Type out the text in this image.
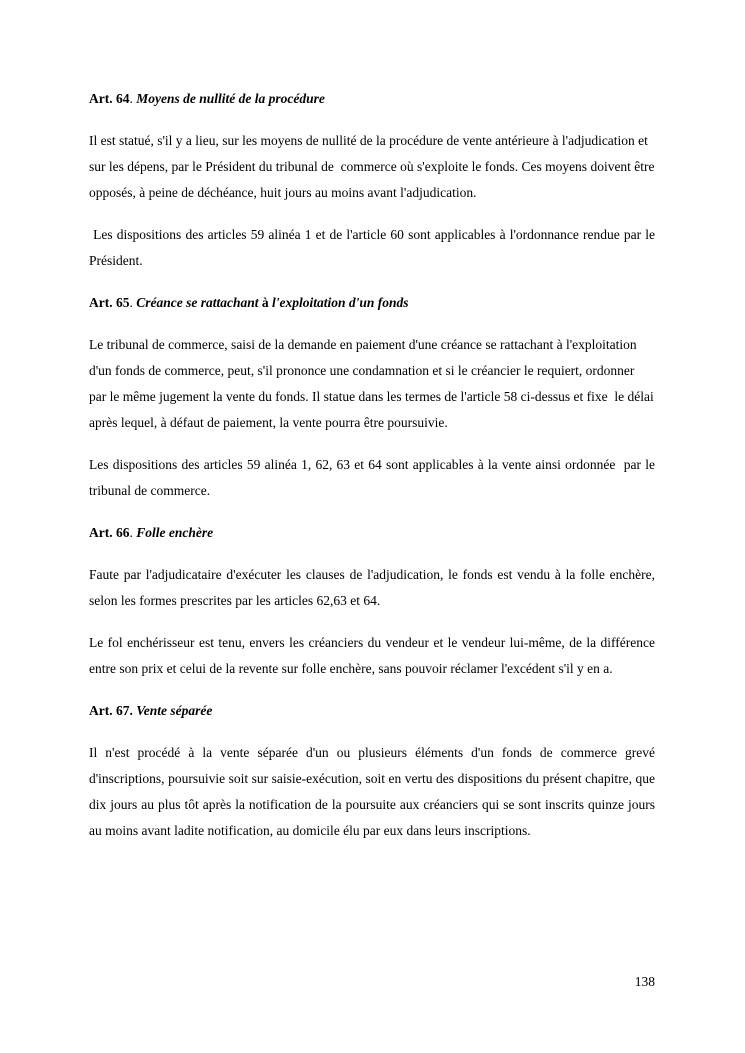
Art. 64. Moyens de nullité de la procédure

Il est statué, s'il y a lieu, sur les moyens de nullité de la procédure de vente antérieure à l'adjudication et sur les dépens, par le Président du tribunal de  commerce où s'exploite le fonds. Ces moyens doivent être opposés, à peine de déchéance, huit jours au moins avant l'adjudication.

Les dispositions des articles 59 alinéa 1 et de l'article 60 sont applicables à l'ordonnance rendue par le Président.

Art. 65. Créance se rattachant à l'exploitation d'un fonds

Le tribunal de commerce, saisi de la demande en paiement d'une créance se rattachant à l'exploitation d'un fonds de commerce, peut, s'il prononce une condamnation et si le créancier le requiert, ordonner par le même jugement la vente du fonds. Il statue dans les termes de l'article 58 ci-dessus et fixe  le délai après lequel, à défaut de paiement, la vente pourra être poursuivie.

Les dispositions des articles 59 alinéa 1, 62, 63 et 64 sont applicables à la vente ainsi ordonnée  par le tribunal de commerce.

Art. 66. Folle enchère

Faute par l'adjudicataire d'exécuter les clauses de l'adjudication, le fonds est vendu à la folle enchère, selon les formes prescrites par les articles 62,63 et 64.

Le fol enchérisseur est tenu, envers les créanciers du vendeur et le vendeur lui-même, de la différence entre son prix et celui de la revente sur folle enchère, sans pouvoir réclamer l'excédent s'il y en a.

Art. 67. Vente séparée

Il n'est procédé à la vente séparée d'un ou plusieurs éléments d'un fonds de commerce grevé d'inscriptions, poursuivie soit sur saisie-exécution, soit en vertu des dispositions du présent chapitre, que dix jours au plus tôt après la notification de la poursuite aux créanciers qui se sont inscrits quinze jours au moins avant ladite notification, au domicile élu par eux dans leurs inscriptions.

138
